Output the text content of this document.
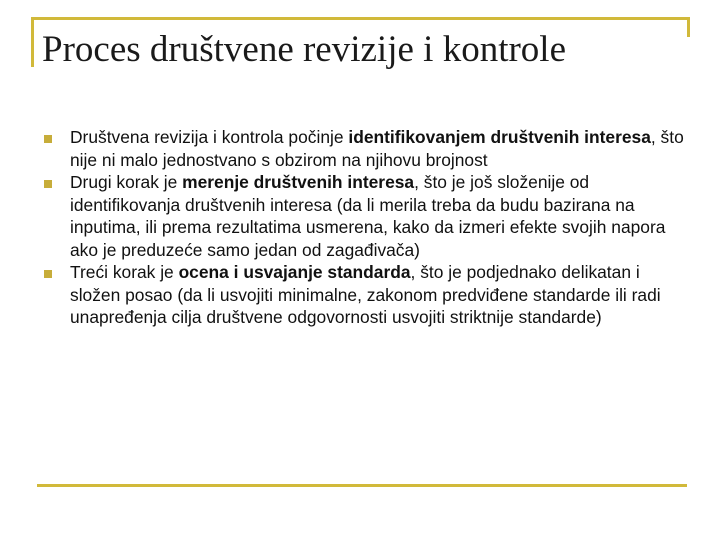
Proces društvene revizije i kontrole
Društvena revizija i kontrola počinje identifikovanjem društvenih interesa, što nije ni malo jednostvano s obzirom na njihovu brojnost
Drugi korak je merenje društvenih interesa, što je još složenije od identifikovanja društvenih interesa (da li merila treba da budu bazirana na inputima, ili prema rezultatima usmerena, kako da izmeri efekte svojih napora ako je preduzeće samo jedan od zagađivača)
Treći korak je ocena i usvajanje standarda, što je podjednako delikatan i složen posao (da li usvojiti minimalne, zakonom predviđene standarde ili radi unapređenja cilja društvene odgovornosti usvojiti striktnije standarde)
